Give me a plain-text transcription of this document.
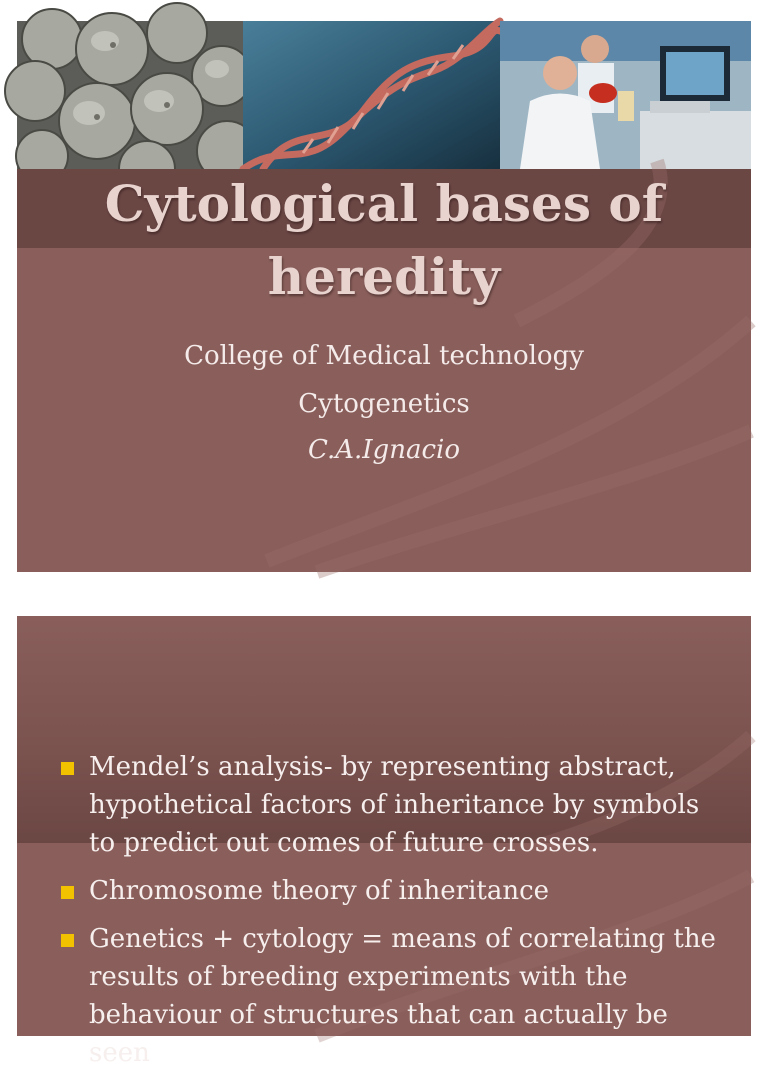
Cytological bases of
heredity
College of Medical technology
Cytogenetics
C.A.Ignacio
Mendel’s analysis- by representing abstract, hypothetical factors of inheritance by symbols to predict out comes of future crosses.
Chromosome theory of inheritance
Genetics + cytology = means of correlating the results of breeding experiments with the behaviour of structures that can actually be seen
